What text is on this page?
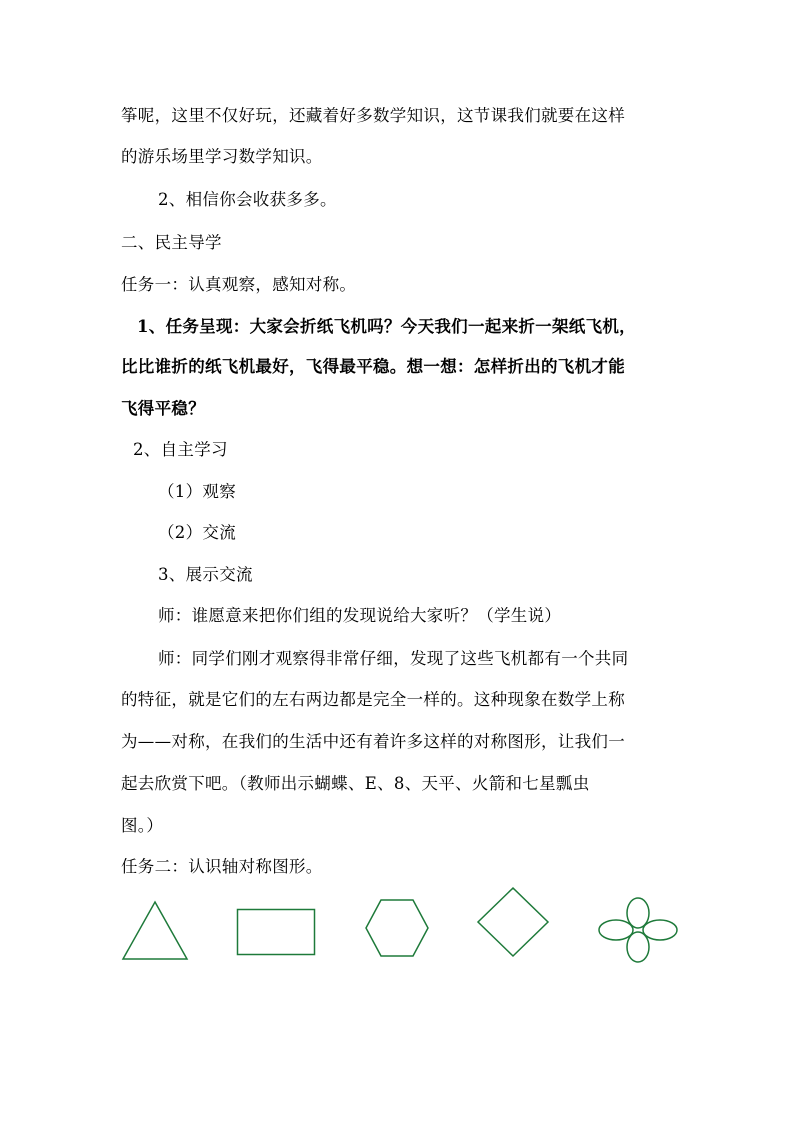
筝呢，这里不仅好玩，还藏着好多数学知识，这节课我们就要在这样
的游乐场里学习数学知识。
2、相信你会收获多多。
二、民主导学
任务一：认真观察，感知对称。
1、任务呈现：大家会折纸飞机吗？今天我们一起来折一架纸飞机，
比比谁折的纸飞机最好，飞得最平稳。想一想：怎样折出的飞机才能
飞得平稳？
2、自主学习
（1）观察
（2）交流
3、展示交流
师：谁愿意来把你们组的发现说给大家听？（学生说）
师：同学们刚才观察得非常仔细，发现了这些飞机都有一个共同
的特征，就是它们的左右两边都是完全一样的。这种现象在数学上称
为——对称，在我们的生活中还有着许多这样的对称图形，让我们一
起去欣赏下吧。（教师出示蝴蝶、E、8、天平、火箭和七星瓢虫
图。）
任务二：认识轴对称图形。
